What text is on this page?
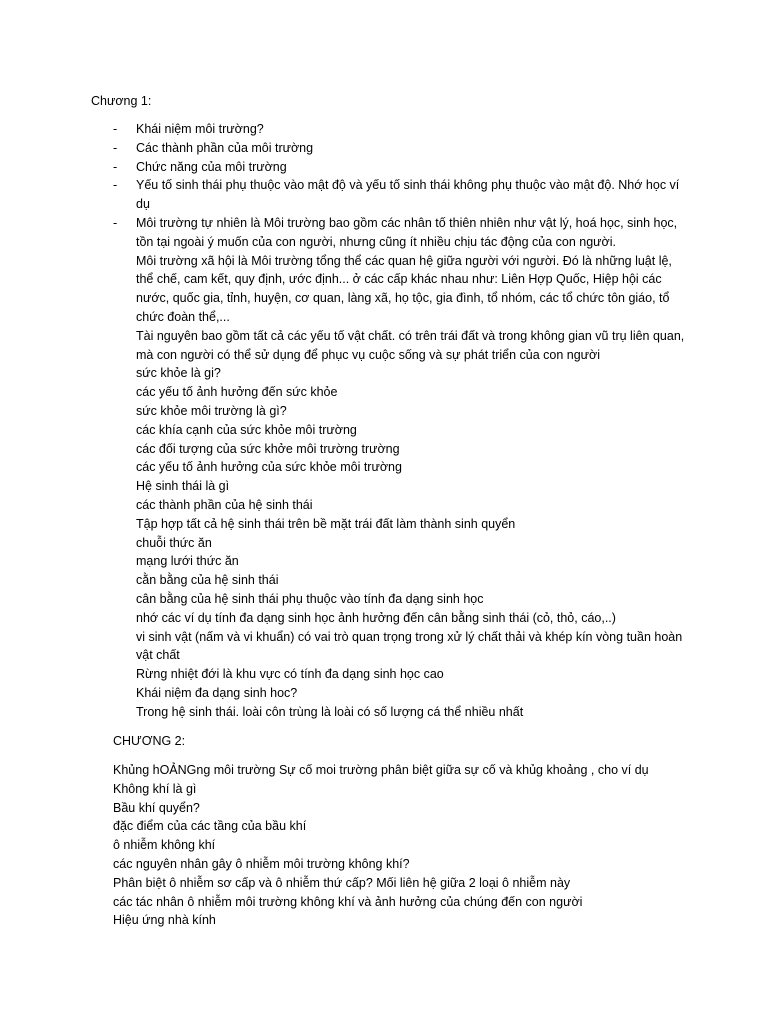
Chương 1:

- Khái niệm môi trường?
- Các thành phần của môi trường
- Chức năng của môi trường
- Yếu tố sinh thái phụ thuộc vào mật độ và yếu tố sinh thái không phụ thuộc vào mật độ. Nhớ học ví dụ
- Môi trường tự nhiên là Môi trường bao gồm các nhân tố thiên nhiên như vật lý, hoá học, sinh học, tồn tại ngoài ý muốn của con người, nhưng cũng ít nhiều chịu tác động của con người.
Môi trường xã hội là Môi trường tổng thể các quan hệ giữa người với người. Đó là những luật lệ, thể chế, cam kết, quy định, ước định... ở các cấp khác nhau như: Liên Hợp Quốc, Hiệp hội các nước, quốc gia, tỉnh, huyện, cơ quan, làng xã, họ tộc, gia đình, tổ nhóm, các tổ chức tôn giáo, tổ chức đoàn thể,...
Tài nguyên bao gồm tất cả các yếu tố vật chất. có trên trái đất và trong không gian vũ trụ liên quan, mà con người có thể sử dụng để phục vụ cuộc sống và sự phát triển của con người
sức khỏe là gi?
các yếu tố ảnh hưởng đến sức khỏe
sức khỏe môi trường là gì?
các khía cạnh của sức khỏe môi trường
các đối tượng của sức khởe môi trường trường
các yếu tố ảnh hưởng của sức khỏe môi trường
Hệ sinh thái là gì
các thành phần của hệ sinh thái
Tập hợp tất cả hệ sinh thái trên bề mặt trái đất làm thành sinh quyển
chuỗi thức ăn
mạng lưới thức ăn
cằn bằng của hệ sinh thái
cân bằng của hệ sinh thái phụ thuộc vào tính đa dạng sinh học
nhớ các ví dụ tính đa dạng sinh học ảnh hưởng đến cân bằng sinh thái (cỏ, thỏ, cáo,..)
vi sinh vật (nấm và vi khuẩn) có vai trò quan trọng trong xử lý chất thải và khép kín vòng tuần hoàn vật chất
Rừng nhiệt đới là khu vực có tính đa dạng sinh học cao
Khái niệm đa dạng sinh hoc?
Trong hệ sinh thái. loài côn trùng là loài có số lượng cá thể nhiều nhất

CHƯƠNG 2:

Khủng hOẢNGng môi trường Sự cố moi trường phân biệt giữa sự cố và khủg khoảng , cho ví dụ
Không khí là gì
Bầu khí quyển?
đặc điểm của các tầng của bầu khí
ô nhiễm không khí
các nguyên nhân gây ô nhiễm môi trường không khí?
Phân biệt ô nhiễm sơ cấp và ô nhiễm thứ cấp? Mối liên hệ giữa 2 loại ô nhiễm này
các tác nhân ô nhiễm môi trường không khí và ảnh hưởng của chúng đến con người
Hiệu ứng nhà kính
